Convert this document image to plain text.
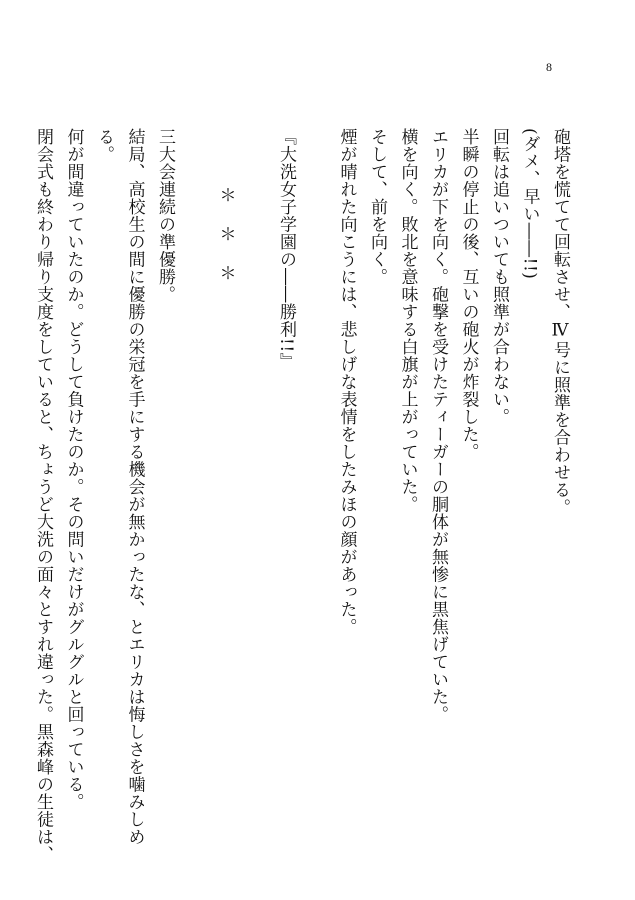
8
砲塔を慌てて回転させ、Ⅳ号に照準を合わせる。
(ダメ、早い――!!)
回転は追いついても照準が合わない。
半瞬の停止の後、互いの砲火が炸裂した。
エリカが下を向く。砲撃を受けたティーガーの胴体が無惨に黒焦げていた。
横を向く。敗北を意味する白旗が上がっていた。
そして、前を向く。
煙が晴れた向こうには、悲しげな表情をしたみほの顔があった。
『大洗女子学園の――勝利!!』
＊＊＊
三大会連続の準優勝。
結局、高校生の間に優勝の栄冠を手にする機会が無かったな、とエリカは悔しさを噛みしめ
る。
何が間違っていたのか。どうして負けたのか。その問いだけがグルグルと回っている。
閉会式も終わり帰り支度をしていると、ちょうど大洗の面々とすれ違った。黒森峰の生徒は、
